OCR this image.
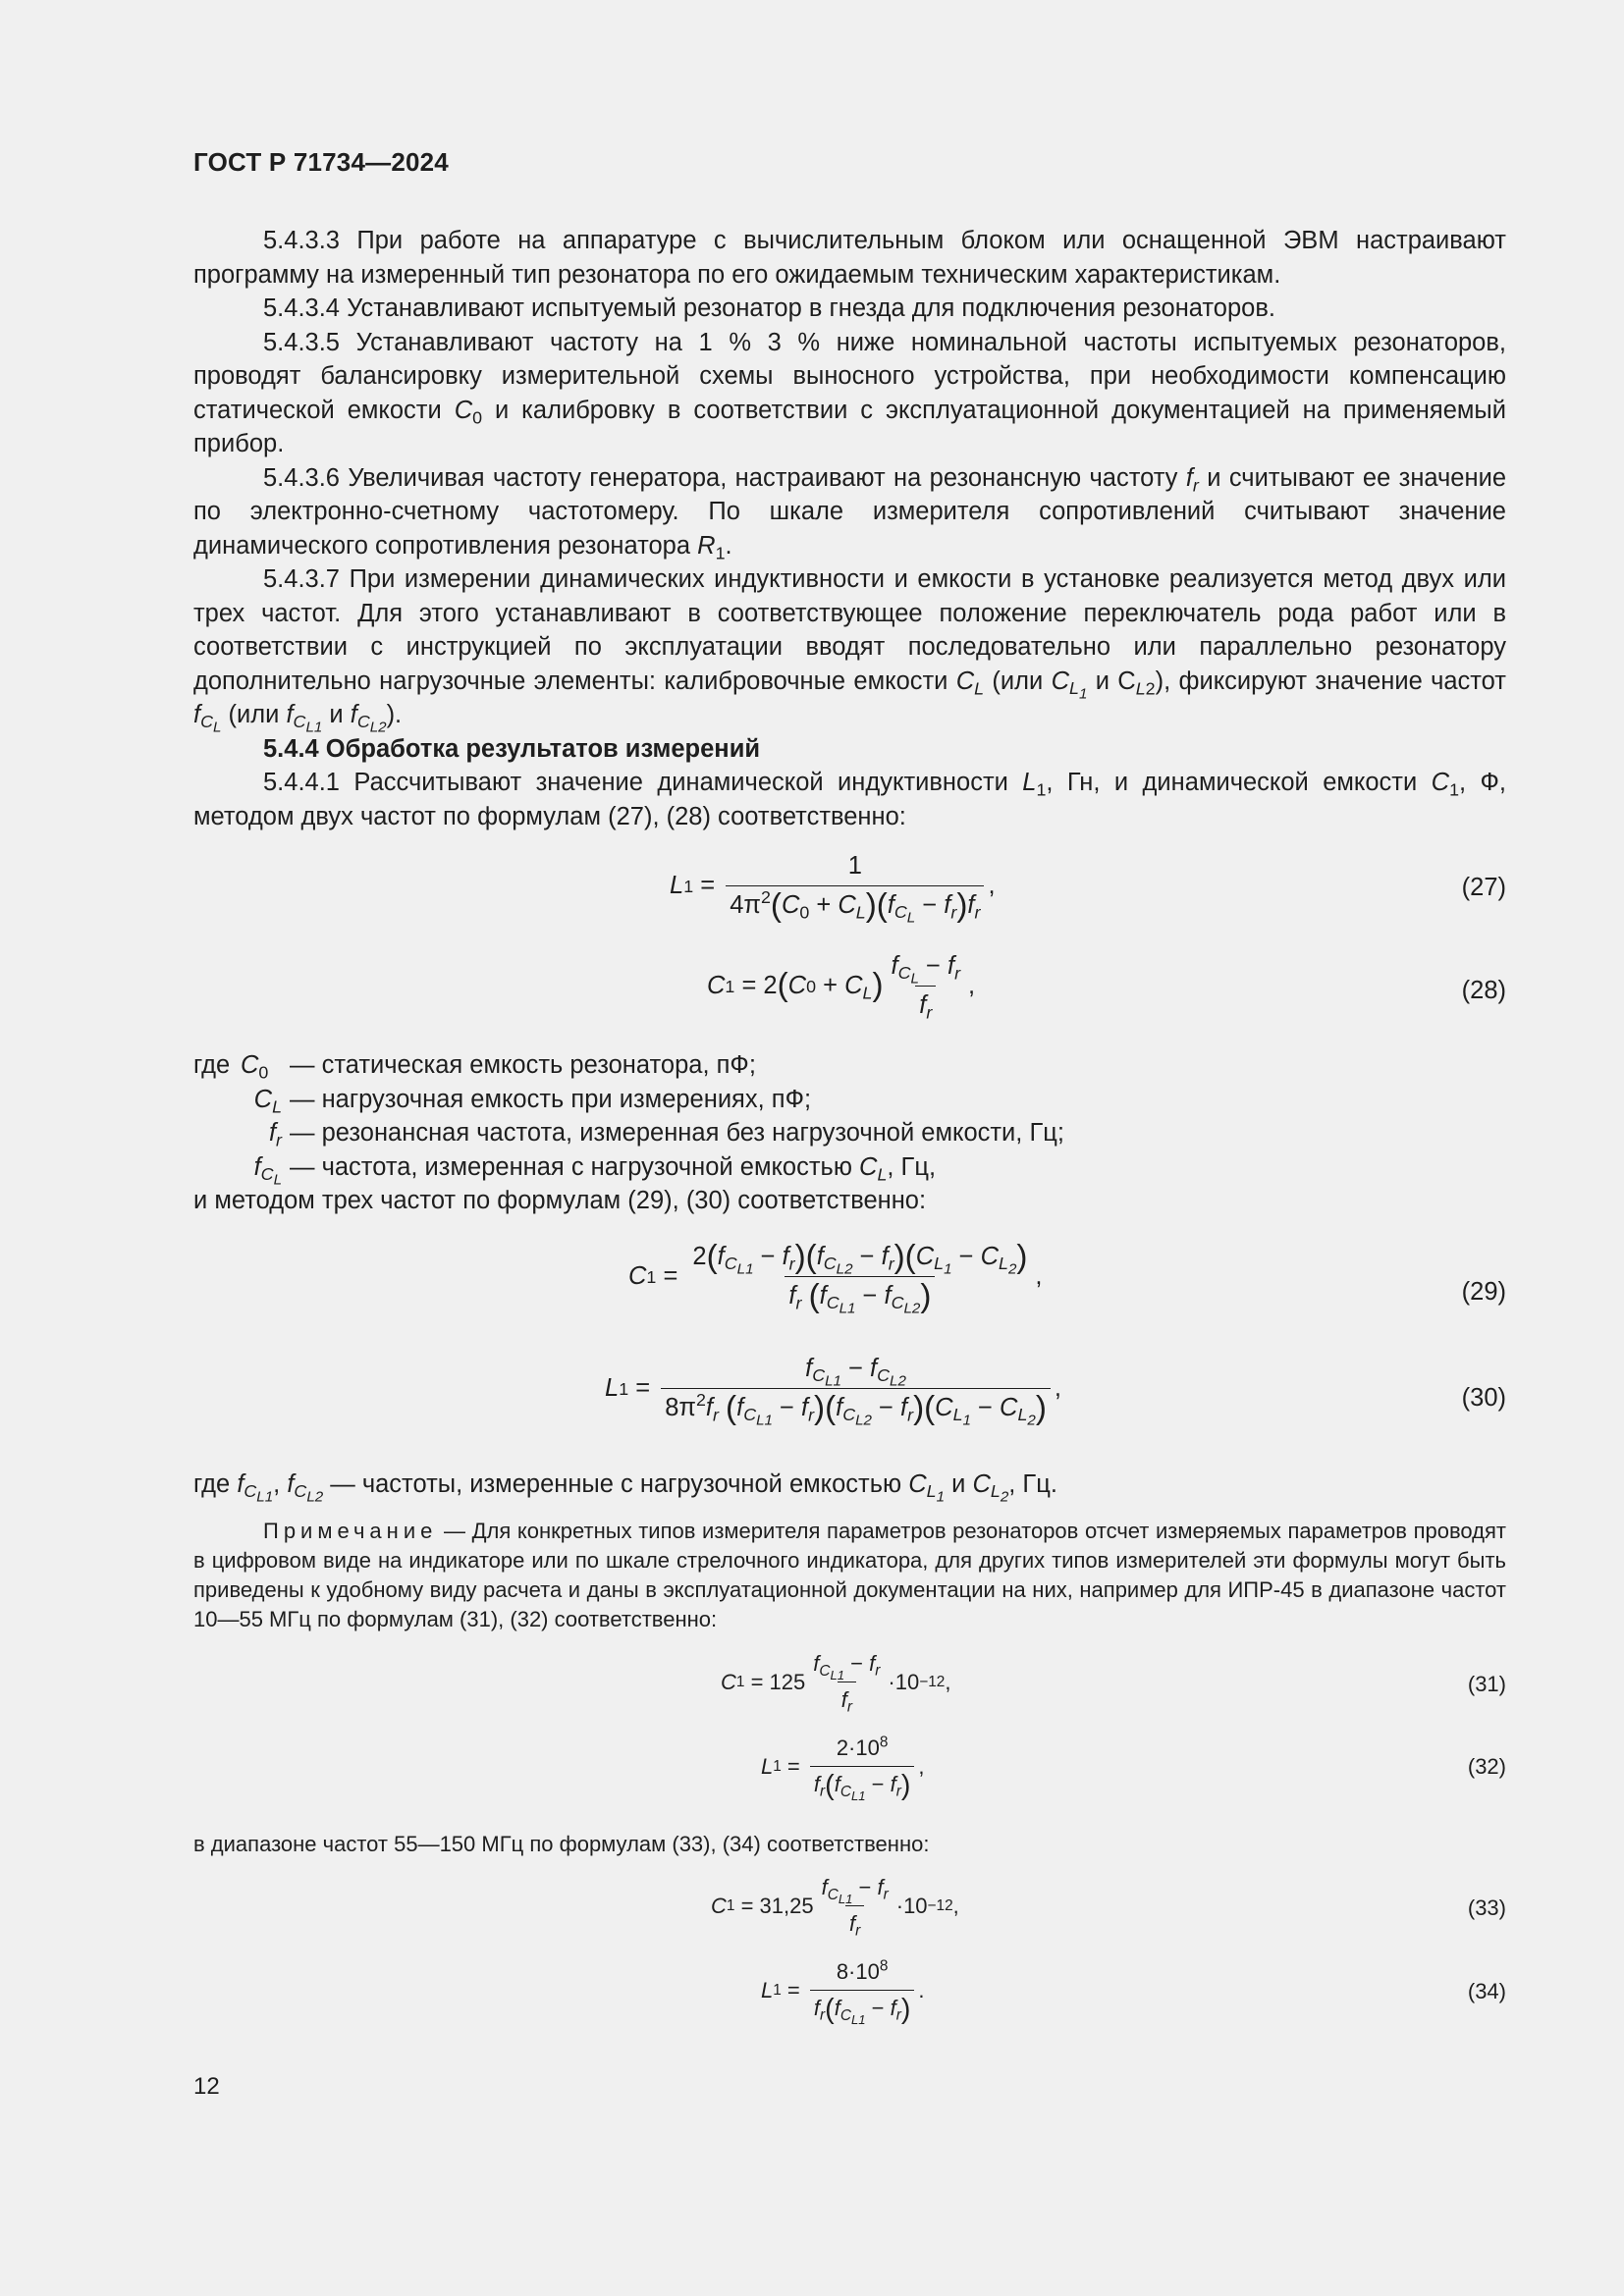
ГОСТ Р 71734—2024

5.4.3.3 При работе на аппаратуре с вычислительным блоком или оснащенной ЭВМ настраивают программу на измеренный тип резонатора по его ожидаемым техническим характеристикам.

5.4.3.4 Устанавливают испытуемый резонатор в гнезда для подключения резонаторов.

5.4.3.5 Устанавливают частоту на 1 % 3 % ниже номинальной частоты испытуемых резонаторов, проводят балансировку измерительной схемы выносного устройства, при необходимости компенсацию статической емкости $C_0$ и калибровку в соответствии с эксплуатационной документацией на применяемый прибор.

5.4.3.6 Увеличивая частоту генератора, настраивают на резонансную частоту $f_r$ и считывают ее значение по электронно-счетному частотомеру. По шкале измерителя сопротивлений считывают значение динамического сопротивления резонатора $R_1$.

5.4.3.7 При измерении динамических индуктивности и емкости в установке реализуется метод двух или трех частот. Для этого устанавливают в соответствующее положение переключатель рода работ или в соответствии с инструкцией по эксплуатации вводят последовательно или параллельно резонатору дополнительно нагрузочные элементы: калибровочные емкости $C_L$ (или $C_{L_1}$ и $C_{L2}$), фиксируют значение частот $f_{C_L}$ (или $f_{C_{L1}}$ и $f_{C_{L2}}$).

5.4.4 Обработка результатов измерений

5.4.4.1 Рассчитывают значение динамической индуктивности $L_1$, Гн, и динамической емкости $C_1$, Ф, методом двух частот по формулам (27), (28) соответственно:

L $1 = \frac{1}{4\pi^2(C_0 + C_L)(f_{C_L} - f_r)f_r}$ ,	(27)
C 1 = 2 ( C $0 + C_L$ ) $\frac{f_{C_L} - f_r}{f_r}$ ,	(28)
где $C_0$ — статическая емкость резонатора, пФ;
$C_L$ — нагрузочная емкость при измерениях, пФ;
$f_r$ — резонансная частота, измеренная без нагрузочной емкости, Гц;
$f_{C_L}$ — частота, измеренная с нагрузочной емкостью $C_L$, Гц,
и методом трех частот по формулам (29), (30) соответственно:
C $1 = \frac{2(f_{C_{L1}} - f_r)(f_{C_{L2}} - f_r)(C_{L_1} - C_{L_2})}{f_r (f_{C_{L1}} - f_{C_{L2}})}$ ,
(29)
L $1 = \frac{f_{C_{L1}} - f_{C_{L2}}}{8\pi^2f_r (f_{C_{L1}} - f_r)(f_{C_{L2}} - f_r)(C_{L_1} - C_{L_2})}$ ,	(30)

где $f_{C_{L1}}$, $f_{C_{L2}}$ — частоты, измеренные с нагрузочной емкостью $C_{L_1}$ и $C_{L_2}$, Гц.

Примечание — Для конкретных типов измерителя параметров резонаторов отсчет измеряемых параметров проводят в цифровом виде на индикаторе или по шкале стрелочного индикатора, для других типов измерителей эти формулы могут быть приведены к удобному виду расчета и даны в эксплуатационной документации на них, например для ИПР-45 в диапазоне частот 10—55 МГц по формулам (31), (32) соответственно:

C $1 = 125 \frac{f_{C_{L1}} - f_r}{f_r} \cdot 10 -12$ ,	(31)
L $1 = \frac{2\cdot 10^8}{f_r(f_{C_{L1}} - f_r)}$ ,	(32)

в диапазоне частот 55—150 МГц по формулам (33), (34) соответственно:

C $1 = 31,25 \frac{f_{C_{L1}} - f_r}{f_r} \cdot 10 -12$ ,	(33)
L $1 = \frac{8\cdot 10^8}{f_r(f_{C_{L1}} - f_r)}$ .	(34)
12
